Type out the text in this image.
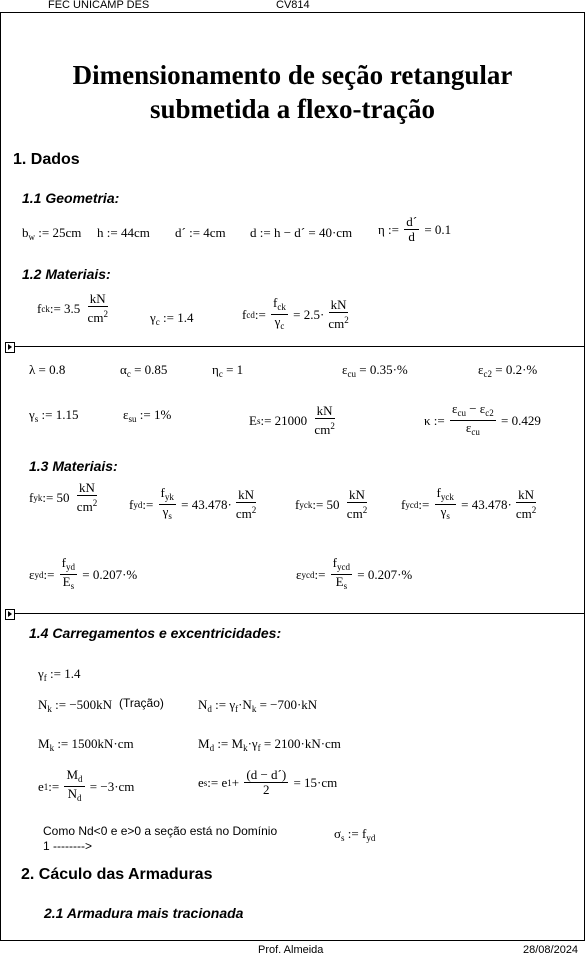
FEC UNICAMP DES	CV814
Dimensionamento de seção retangular
submetida a flexo-tração
1. Dados
1.1 Geometria:
$b_w$ := 25cm h := 44cm d´ := 4cm d := h − d´ = 40·cm η := $\frac{d´}{d}$
= 0.1
1.2 Materiais:
f ck := 3.5
$\frac{kN}{cm^2}$	$\gamma_c$ := 1.4	f cd := $\frac{f_{ck}}{\gamma_c}$
= $2.5\cdot \frac{kN}{cm^2}$
λ = 0.8	$\alpha_c = 0.85$	$\eta_c = 1$	$\varepsilon_{cu} = 0.35\cdot\%$	$\varepsilon_{c2} = 0.2\cdot\%$
$\gamma_s$ := 1.15	$\varepsilon_{su}$ := 1%	E s := 21000
$\frac{kN}{cm^2}$	κ := $\frac{\varepsilon_{cu} - \varepsilon_{c2}}{\varepsilon_{cu}}$
= 0.429
1.3 Materiais:
f yk := 50
$\frac{kN}{cm^2}$ f yd := $\frac{f_{yk}}{\gamma_s}$
= $43.478\cdot \frac{kN}{cm^2}$	f yck := 50
$\frac{kN}{cm^2}$ f ycd := $\frac{f_{yck}}{\gamma_s}$
= $43.478\cdot \frac{kN}{cm^2}$
ε yd := $\frac{f_{yd}}{E_s}$
= 0.207·%	ε ycd := $\frac{f_{ycd}}{E_s}$
= 0.207·%
1.4 Carregamentos e excentricidades:
$\gamma_f$ := 1.4
$N_k$ := −500kN (Tração)	$N_d$ := $\gamma_f\cdot N_k = -700\cdot kN$
$M_k$ := 1500kN·cm	$M_d$ := $M_k\cdot\gamma_f = 2100\cdot kN\cdot cm$
e 1 := $\frac{M_d}{N_d}$
= −3·cm	e s := e $1 + \frac{(d - d´)}{2}$
= 15·cm
Como Nd<0 e e>0 a seção está no Domínio
1 -------->
$\sigma_s$ := $f_{yd}$
2. Cáculo das Armaduras
2.1 Armadura mais tracionada
Prof. Almeida	28/08/2024
